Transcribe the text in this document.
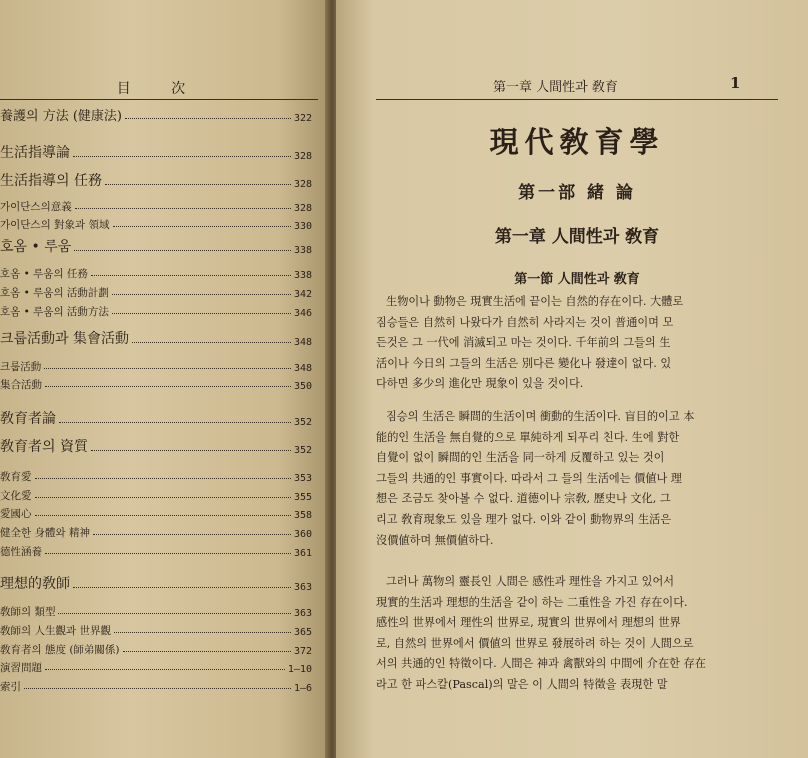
目 次
養護의 方法 (健康法)	322
生活指導論	328
生活指導의 任務	328
가이단스의意義	328
가이단스의 對象과 領域	330
호옴 • 루움	338
호옴 • 루움의 任務	338
호옴 • 루움의 活動計劃	342
호옴 • 루움의 活動方法	346
크룹活動과 集會活動	348
크룹活動	348
集合活動	350
敎育者論	352
敎育者의 資質	352
敎育愛	353
文化愛	355
愛國心	358
健全한 身體와 精神	360
德性涵養	361
理想的敎師	363
敎師의 類型	363
敎師의 人生觀과 世界觀	365
敎育者의 態度 (師弟關係)	372
演習問題	1—10
索引	1—6
第一章 人間性과 敎育	1
現代敎育學
第一部 緒 論
第一章 人間性과 敎育
第一節 人間性과 敎育
生物이나 動物은 現實生活에 끝이는 自然的存在이다. 大體로
짐승들은 自然히 나왔다가 自然히 사라지는 것이 普通이며 모
든것은 그 一代에 消滅되고 마는 것이다. 千年前의 그들의 生
活이나 今日의 그들의 生活은 別다른 變化나 發達이 없다. 있
다하면 多少의 進化만 現象이 있을 것이다.
짐승의 生活은 瞬間的生活이며 衝動的生活이다. 盲目的이고 本
能的인 生活을 無自覺的으로 單純하게 되푸리 친다. 生에 對한
自覺이 없이 瞬間的인 生活을 同一하게 反覆하고 있는 것이
그들의 共通的인 事實이다. 따라서 그 들의 生活에는 價値나 理
想은 조금도 찾아볼 수 없다. 道德이나 宗敎, 歷史나 文化, 그
리고 敎育現象도 있을 理가 없다. 이와 같이 動物界의 生活은
沒價値하며 無價値하다.
그러나 萬物의 靈長인 人間은 感性과 理性을 가지고 있어서
現實的生活과 理想的生活을 같이 하는 二重性을 가진 存在이다.
感性의 世界에서 理性의 世界로, 現實의 世界에서 理想의 世界
로, 自然의 世界에서 價値의 世界로 發展하려 하는 것이 人間으로
서의 共通的인 特徵이다. 人間은 神과 禽獸와의 中間에 介在한 存在
라고 한 파스칼(Pascal)의 말은 이 人間의 特徵을 表現한 말
